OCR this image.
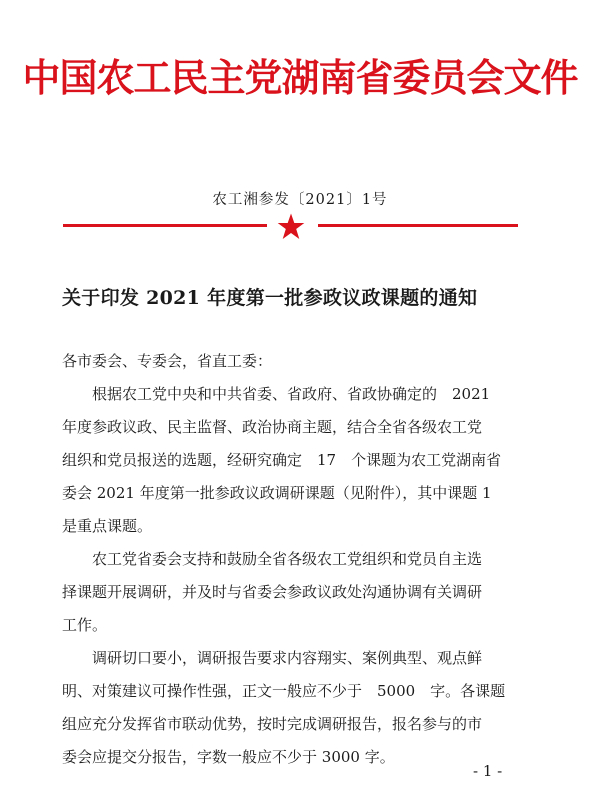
中国农工民主党湖南省委员会文件
农工湘参发〔2021〕1号
关于印发 2021 年度第一批参政议政课题的通知
各市委会、专委会，省直工委：
根据农工党中央和中共省委、省政府、省政协确定的　2021
年度参政议政、民主监督、政治协商主题，结合全省各级农工党
组织和党员报送的选题，经研究确定　17　个课题为农工党湖南省
委会 2021 年度第一批参政议政调研课题（见附件），其中课题 1
是重点课题。
农工党省委会支持和鼓励全省各级农工党组织和党员自主选
择课题开展调研，并及时与省委会参政议政处沟通协调有关调研
工作。
调研切口要小，调研报告要求内容翔实、案例典型、观点鲜
明、对策建议可操作性强，正文一般应不少于　5000　字。各课题
组应充分发挥省市联动优势，按时完成调研报告，报名参与的市
委会应提交分报告，字数一般应不少于 3000 字。
- 1 -
